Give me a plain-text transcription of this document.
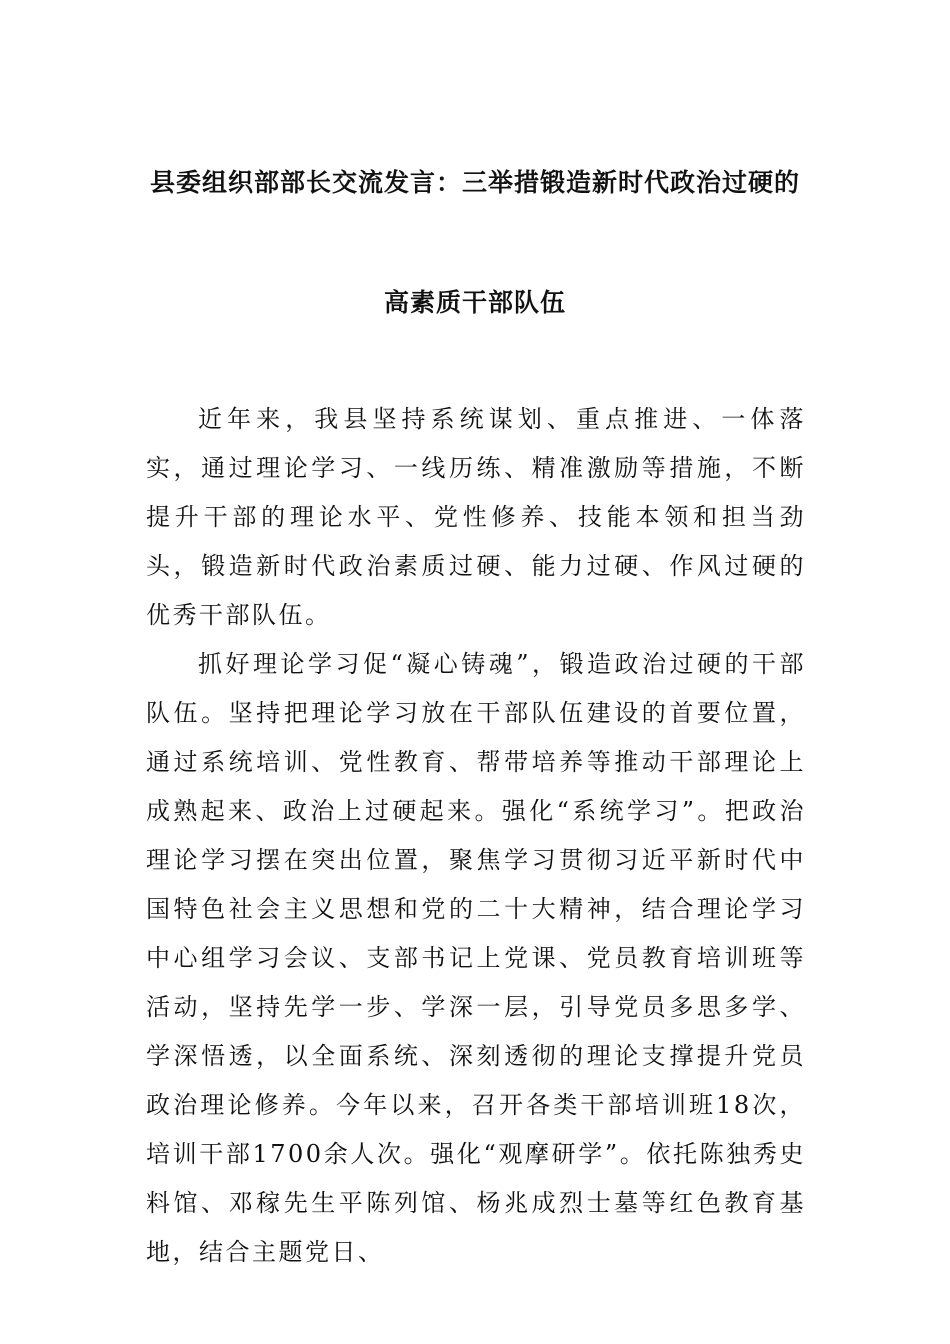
县委组织部部长交流发言：三举措锻造新时代政治过硬的
高素质干部队伍

近年来，我县坚持系统谋划、重点推进、一体落实，通过理论学习、一线历练、精准激励等措施，不断提升干部的理论水平、党性修养、技能本领和担当劲头，锻造新时代政治素质过硬、能力过硬、作风过硬的优秀干部队伍。

抓好理论学习促“凝心铸魂”，锻造政治过硬的干部队伍。坚持把理论学习放在干部队伍建设的首要位置，通过系统培训、党性教育、帮带培养等推动干部理论上成熟起来、政治上过硬起来。强化“系统学习”。把政治理论学习摆在突出位置，聚焦学习贯彻习近平新时代中国特色社会主义思想和党的二十大精神，结合理论学习中心组学习会议、支部书记上党课、党员教育培训班等活动，坚持先学一步、学深一层，引导党员多思多学、学深悟透，以全面系统、深刻透彻的理论支撑提升党员政治理论修养。今年以来，召开各类干部培训班18次，培训干部1700余人次。强化“观摩研学”。依托陈独秀史料馆、邓稼先生平陈列馆、杨兆成烈士墓等红色教育基地，结合主题党日、
